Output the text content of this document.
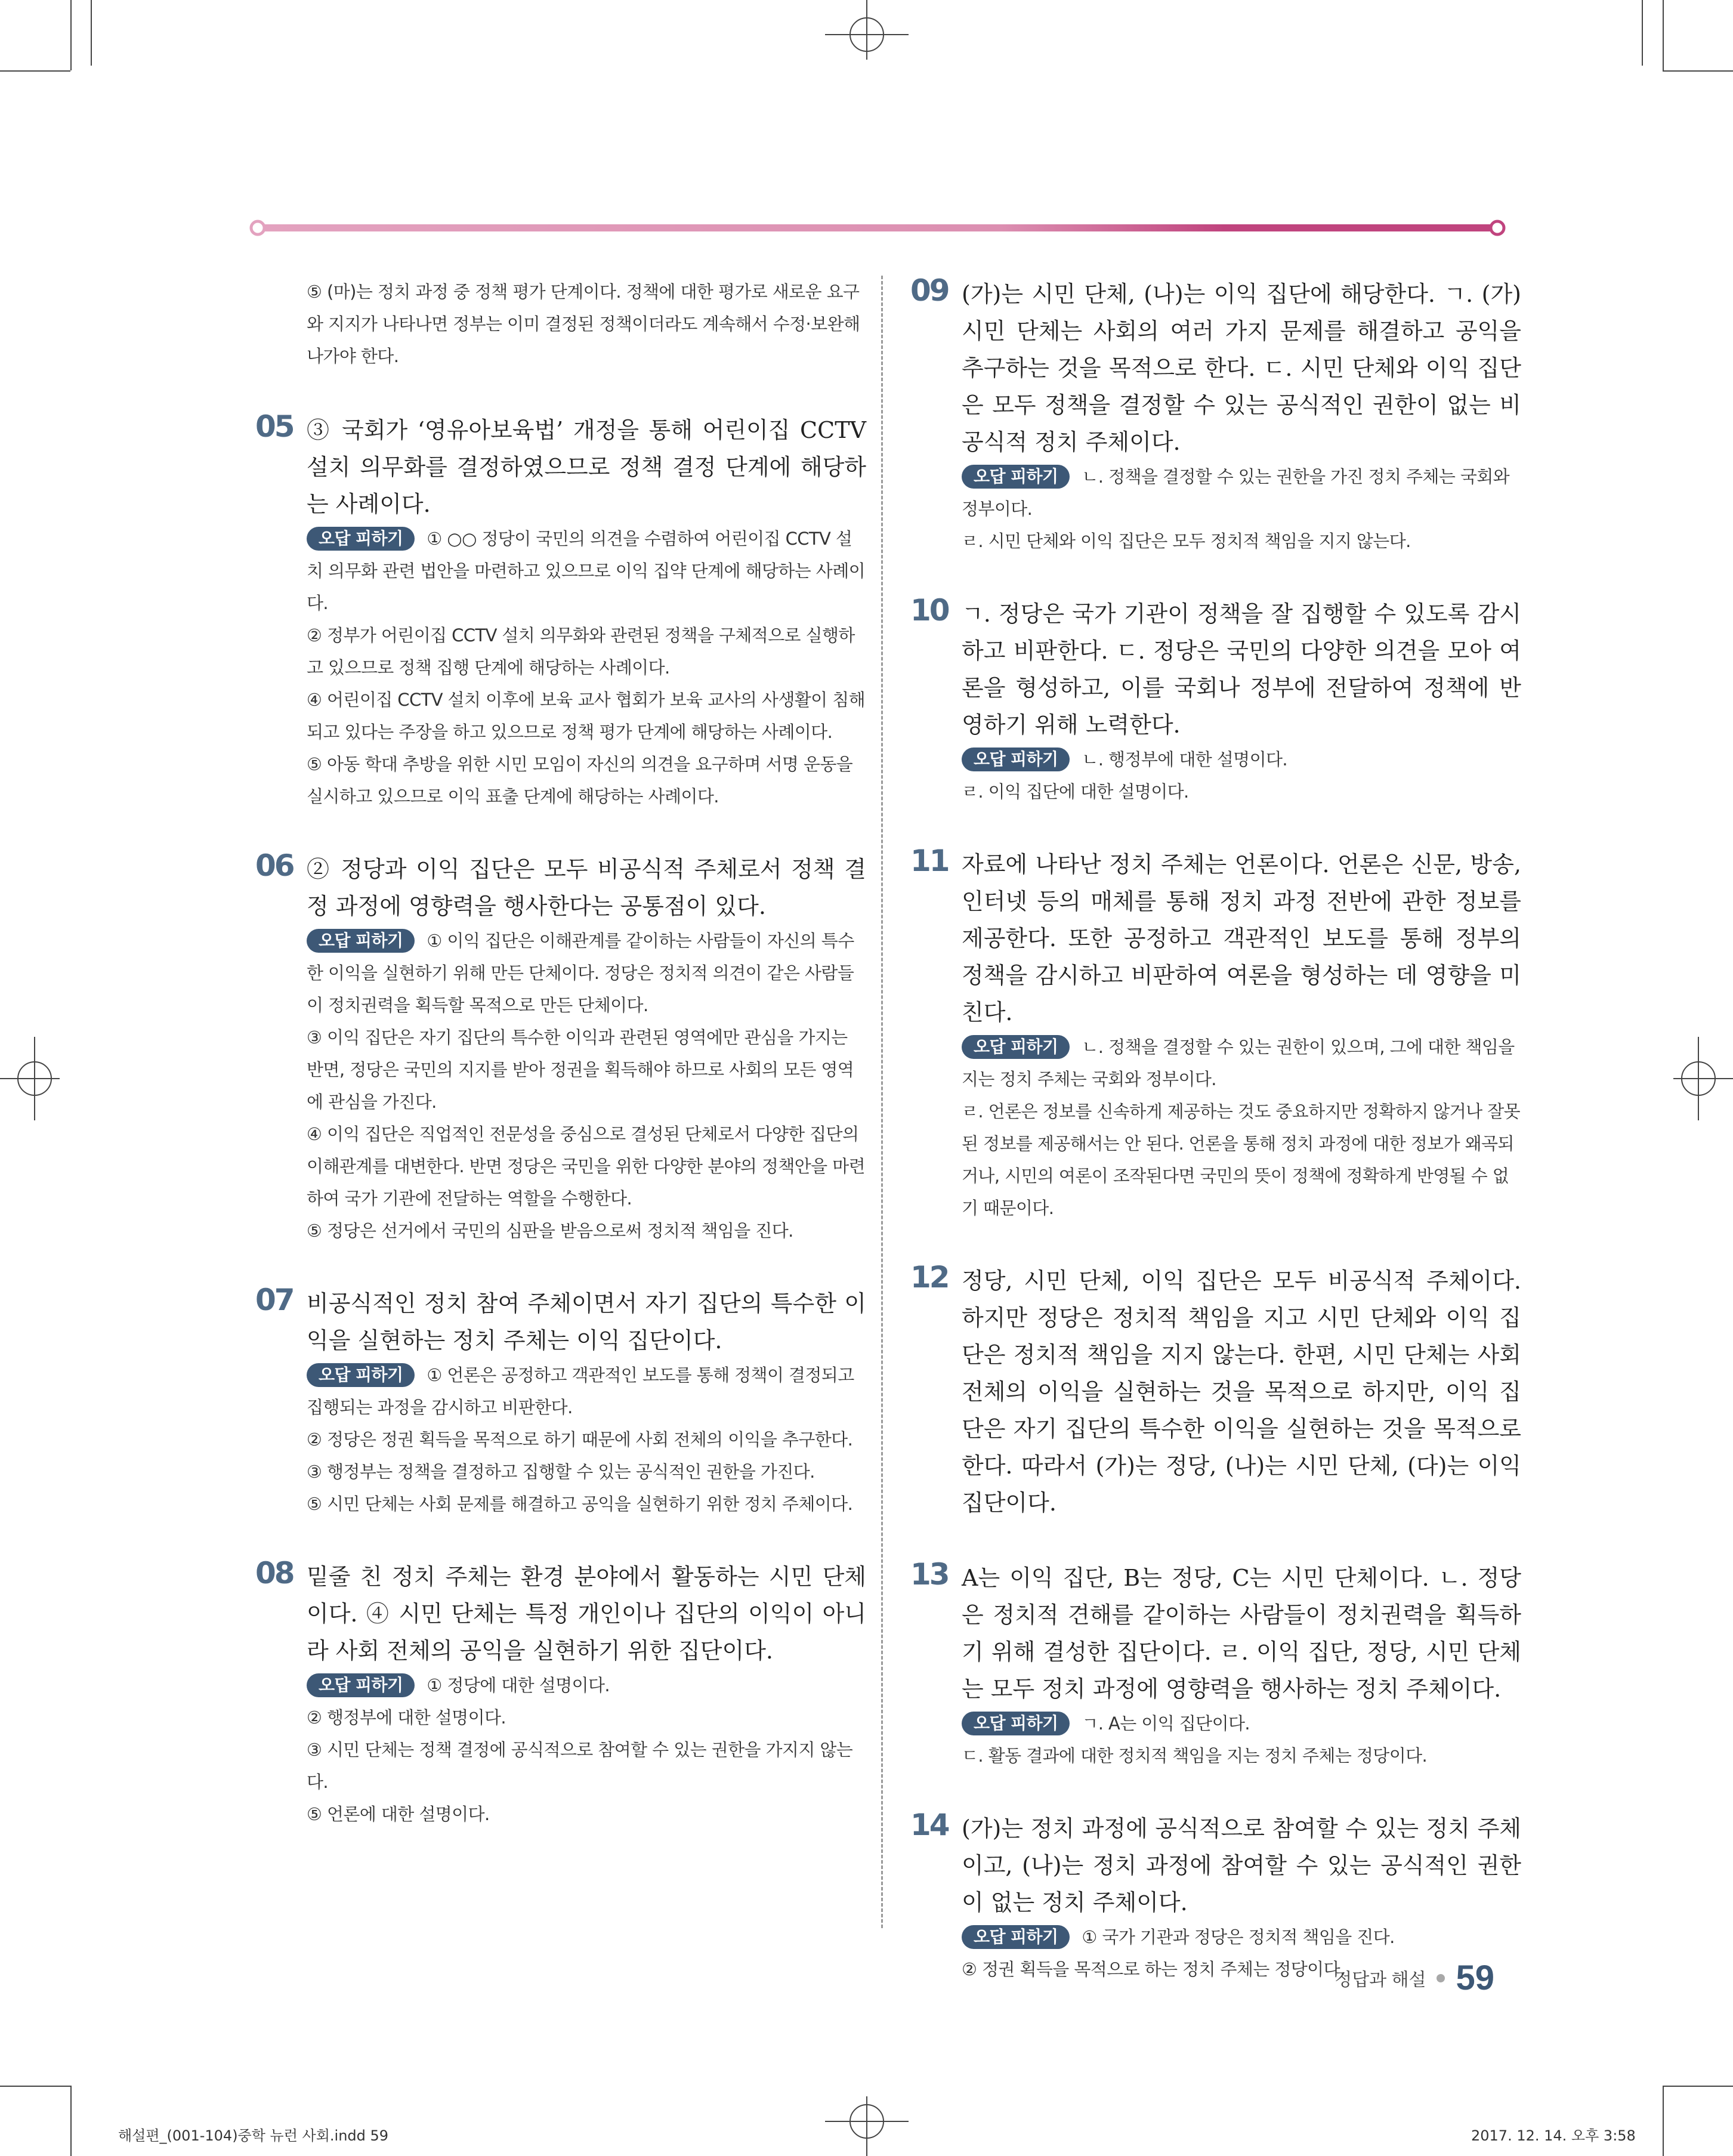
⑤ (마)는 정치 과정 중 정책 평가 단계이다. 정책에 대한 평가로 새로운 요구와 지지가 나타나면 정부는 이미 결정된 정책이더라도 계속해서 수정·보완해 나가야 한다.

05 ③ 국회가 ‘영유아보육법’ 개정을 통해 어린이집 CCTV 설치 의무화를 결정하였으므로 정책 결정 단계에 해당하는 사례이다.

오답 피하기 ① ○○ 정당이 국민의 의견을 수렴하여 어린이집 CCTV 설치 의무화 관련 법안을 마련하고 있으므로 이익 집약 단계에 해당하는 사례이다.

② 정부가 어린이집 CCTV 설치 의무화와 관련된 정책을 구체적으로 실행하고 있으므로 정책 집행 단계에 해당하는 사례이다.

④ 어린이집 CCTV 설치 이후에 보육 교사 협회가 보육 교사의 사생활이 침해되고 있다는 주장을 하고 있으므로 정책 평가 단계에 해당하는 사례이다.

⑤ 아동 학대 추방을 위한 시민 모임이 자신의 의견을 요구하며 서명 운동을 실시하고 있으므로 이익 표출 단계에 해당하는 사례이다.

06 ② 정당과 이익 집단은 모두 비공식적 주체로서 정책 결정 과정에 영향력을 행사한다는 공통점이 있다.

오답 피하기 ① 이익 집단은 이해관계를 같이하는 사람들이 자신의 특수한 이익을 실현하기 위해 만든 단체이다. 정당은 정치적 의견이 같은 사람들이 정치권력을 획득할 목적으로 만든 단체이다.

③ 이익 집단은 자기 집단의 특수한 이익과 관련된 영역에만 관심을 가지는 반면, 정당은 국민의 지지를 받아 정권을 획득해야 하므로 사회의 모든 영역에 관심을 가진다.

④ 이익 집단은 직업적인 전문성을 중심으로 결성된 단체로서 다양한 집단의 이해관계를 대변한다. 반면 정당은 국민을 위한 다양한 분야의 정책안을 마련하여 국가 기관에 전달하는 역할을 수행한다.

⑤ 정당은 선거에서 국민의 심판을 받음으로써 정치적 책임을 진다.

07 비공식적인 정치 참여 주체이면서 자기 집단의 특수한 이익을 실현하는 정치 주체는 이익 집단이다.

오답 피하기 ① 언론은 공정하고 객관적인 보도를 통해 정책이 결정되고 집행되는 과정을 감시하고 비판한다.

② 정당은 정권 획득을 목적으로 하기 때문에 사회 전체의 이익을 추구한다.

③ 행정부는 정책을 결정하고 집행할 수 있는 공식적인 권한을 가진다.

⑤ 시민 단체는 사회 문제를 해결하고 공익을 실현하기 위한 정치 주체이다.

08 밑줄 친 정치 주체는 환경 분야에서 활동하는 시민 단체이다. ④ 시민 단체는 특정 개인이나 집단의 이익이 아니라 사회 전체의 공익을 실현하기 위한 집단이다.

오답 피하기 ① 정당에 대한 설명이다.

② 행정부에 대한 설명이다.

③ 시민 단체는 정책 결정에 공식적으로 참여할 수 있는 권한을 가지지 않는다.

⑤ 언론에 대한 설명이다.

09 (가)는 시민 단체, (나)는 이익 집단에 해당한다. ㄱ. (가) 시민 단체는 사회의 여러 가지 문제를 해결하고 공익을 추구하는 것을 목적으로 한다. ㄷ. 시민 단체와 이익 집단은 모두 정책을 결정할 수 있는 공식적인 권한이 없는 비공식적 정치 주체이다.

오답 피하기 ㄴ. 정책을 결정할 수 있는 권한을 가진 정치 주체는 국회와 정부이다.

ㄹ. 시민 단체와 이익 집단은 모두 정치적 책임을 지지 않는다.

10 ㄱ. 정당은 국가 기관이 정책을 잘 집행할 수 있도록 감시하고 비판한다. ㄷ. 정당은 국민의 다양한 의견을 모아 여론을 형성하고, 이를 국회나 정부에 전달하여 정책에 반영하기 위해 노력한다.

오답 피하기 ㄴ. 행정부에 대한 설명이다.

ㄹ. 이익 집단에 대한 설명이다.

11 자료에 나타난 정치 주체는 언론이다. 언론은 신문, 방송, 인터넷 등의 매체를 통해 정치 과정 전반에 관한 정보를 제공한다. 또한 공정하고 객관적인 보도를 통해 정부의 정책을 감시하고 비판하여 여론을 형성하는 데 영향을 미친다.

오답 피하기 ㄴ. 정책을 결정할 수 있는 권한이 있으며, 그에 대한 책임을 지는 정치 주체는 국회와 정부이다.

ㄹ. 언론은 정보를 신속하게 제공하는 것도 중요하지만 정확하지 않거나 잘못된 정보를 제공해서는 안 된다. 언론을 통해 정치 과정에 대한 정보가 왜곡되거나, 시민의 여론이 조작된다면 국민의 뜻이 정책에 정확하게 반영될 수 없기 때문이다.

12 정당, 시민 단체, 이익 집단은 모두 비공식적 주체이다. 하지만 정당은 정치적 책임을 지고 시민 단체와 이익 집단은 정치적 책임을 지지 않는다. 한편, 시민 단체는 사회 전체의 이익을 실현하는 것을 목적으로 하지만, 이익 집단은 자기 집단의 특수한 이익을 실현하는 것을 목적으로 한다. 따라서 (가)는 정당, (나)는 시민 단체, (다)는 이익 집단이다.

13 A는 이익 집단, B는 정당, C는 시민 단체이다. ㄴ. 정당은 정치적 견해를 같이하는 사람들이 정치권력을 획득하기 위해 결성한 집단이다. ㄹ. 이익 집단, 정당, 시민 단체는 모두 정치 과정에 영향력을 행사하는 정치 주체이다.

오답 피하기 ㄱ. A는 이익 집단이다.

ㄷ. 활동 결과에 대한 정치적 책임을 지는 정치 주체는 정당이다.

14 (가)는 정치 과정에 공식적으로 참여할 수 있는 정치 주체이고, (나)는 정치 과정에 참여할 수 있는 공식적인 권한이 없는 정치 주체이다.

오답 피하기 ① 국가 기관과 정당은 정치적 책임을 진다.

② 정권 획득을 목적으로 하는 정치 주체는 정당이다.

정답과 해설 59
해설편_(001-104)중학 뉴런 사회.indd 59	2017. 12. 14. 오후 3:58
